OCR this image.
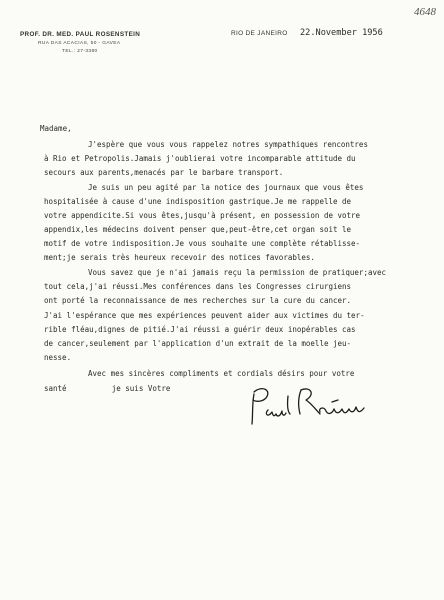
4648
PROF. DR. MED. PAUL ROSENSTEIN
RUA DAS ACACIAS, 50 - GAVEA
TEL.: 27-3380
RIO DE JANEIRO 22.November 1956
Madame,
J'espère que vous vous rappelez notres sympathiques rencontres
à Rio et Petropolis.Jamais j'oublierai votre incomparable attitude du
secours aux parents,menacés par le barbare transport.
Je suis un peu agité par la notice des journaux que vous êtes
hospitalisée à cause d'une indisposition gastrique.Je me rappelle de
votre appendicite.Si vous êtes,jusqu'à présent, en possession de votre
appendix,les médecins doivent penser que,peut-être,cet organ soit le
motif de votre indisposition.Je vous souhaite une complète rétablisse-
ment;je serais très heureux recevoir des notices favorables.
Vous savez que je n'ai jamais reçu la permission de pratiquer;avec
tout cela,j'ai réussi.Mes conférences dans les Congresses cirurgiens
ont porté la reconnaissance de mes recherches sur la cure du cancer.
J'ai l'espérance que mes expériences peuvent aider aux victimes du ter-
rible fléau,dignes de pitié.J'ai réussi a guérir deux inopérables cas
de cancer,seulement par l'application d'un extrait de la moelle jeu-
nesse.
Avec mes sincères compliments et cordials désirs pour votre
santé          je suis Votre
